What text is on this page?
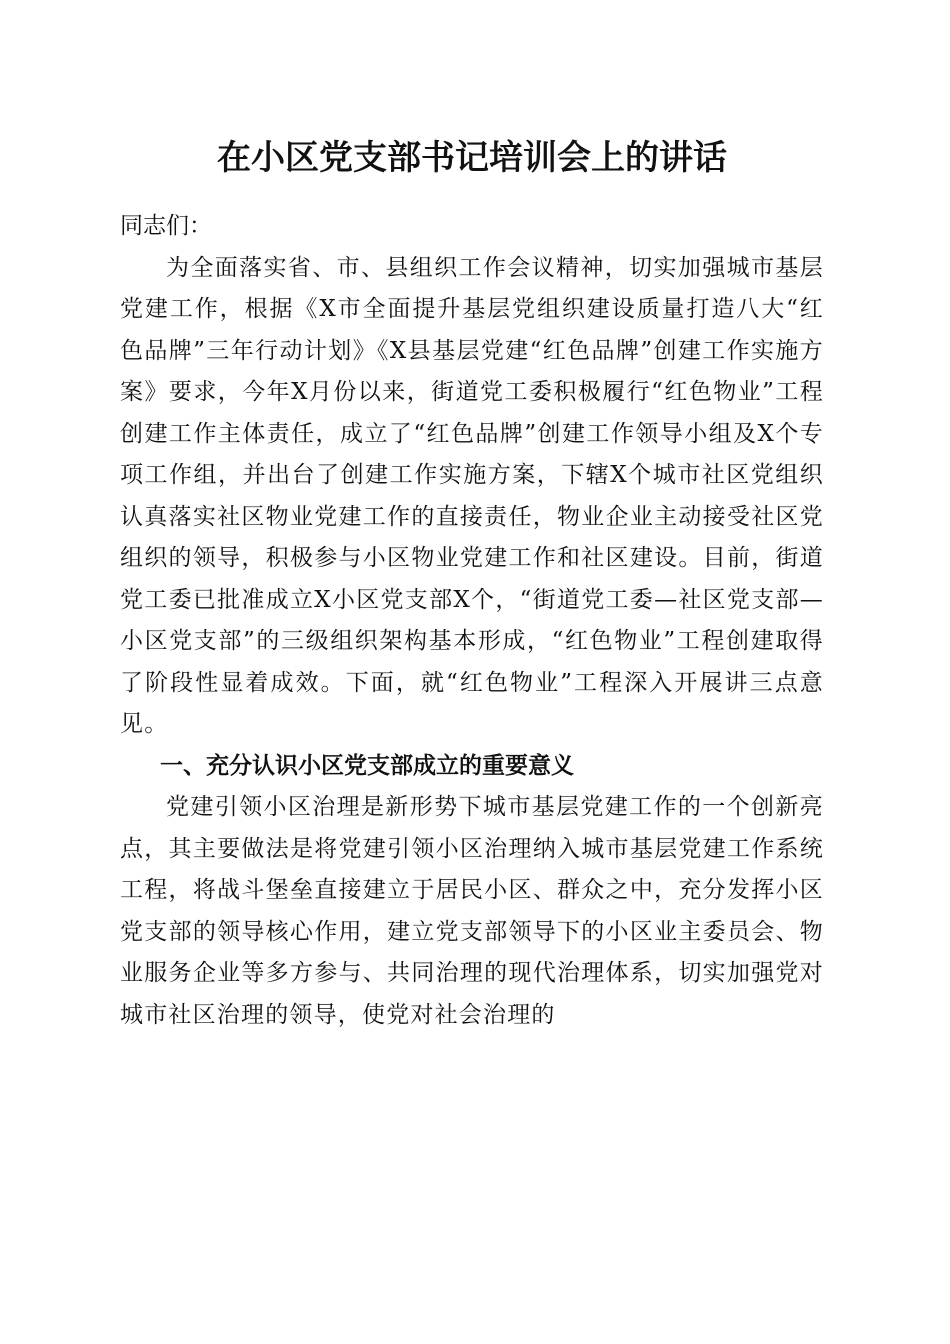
在小区党支部书记培训会上的讲话

同志们：

为全面落实省、市、县组织工作会议精神，切实加强城市基层党建工作，根据《X市全面提升基层党组织建设质量打造八大“红色品牌”三年行动计划》《X县基层党建“红色品牌”创建工作实施方案》要求，今年X月份以来，街道党工委积极履行“红色物业”工程创建工作主体责任，成立了“红色品牌”创建工作领导小组及X个专项工作组，并出台了创建工作实施方案，下辖X个城市社区党组织认真落实社区物业党建工作的直接责任，物业企业主动接受社区党组织的领导，积极参与小区物业党建工作和社区建设。目前，街道党工委已批准成立X小区党支部X个，“街道党工委—社区党支部—小区党支部”的三级组织架构基本形成，“红色物业”工程创建取得了阶段性显着成效。下面，就“红色物业”工程深入开展讲三点意见。

一、充分认识小区党支部成立的重要意义

党建引领小区治理是新形势下城市基层党建工作的一个创新亮点，其主要做法是将党建引领小区治理纳入城市基层党建工作系统工程，将战斗堡垒直接建立于居民小区、群众之中，充分发挥小区党支部的领导核心作用，建立党支部领导下的小区业主委员会、物业服务企业等多方参与、共同治理的现代治理体系，切实加强党对城市社区治理的领导，使党对社会治理的
